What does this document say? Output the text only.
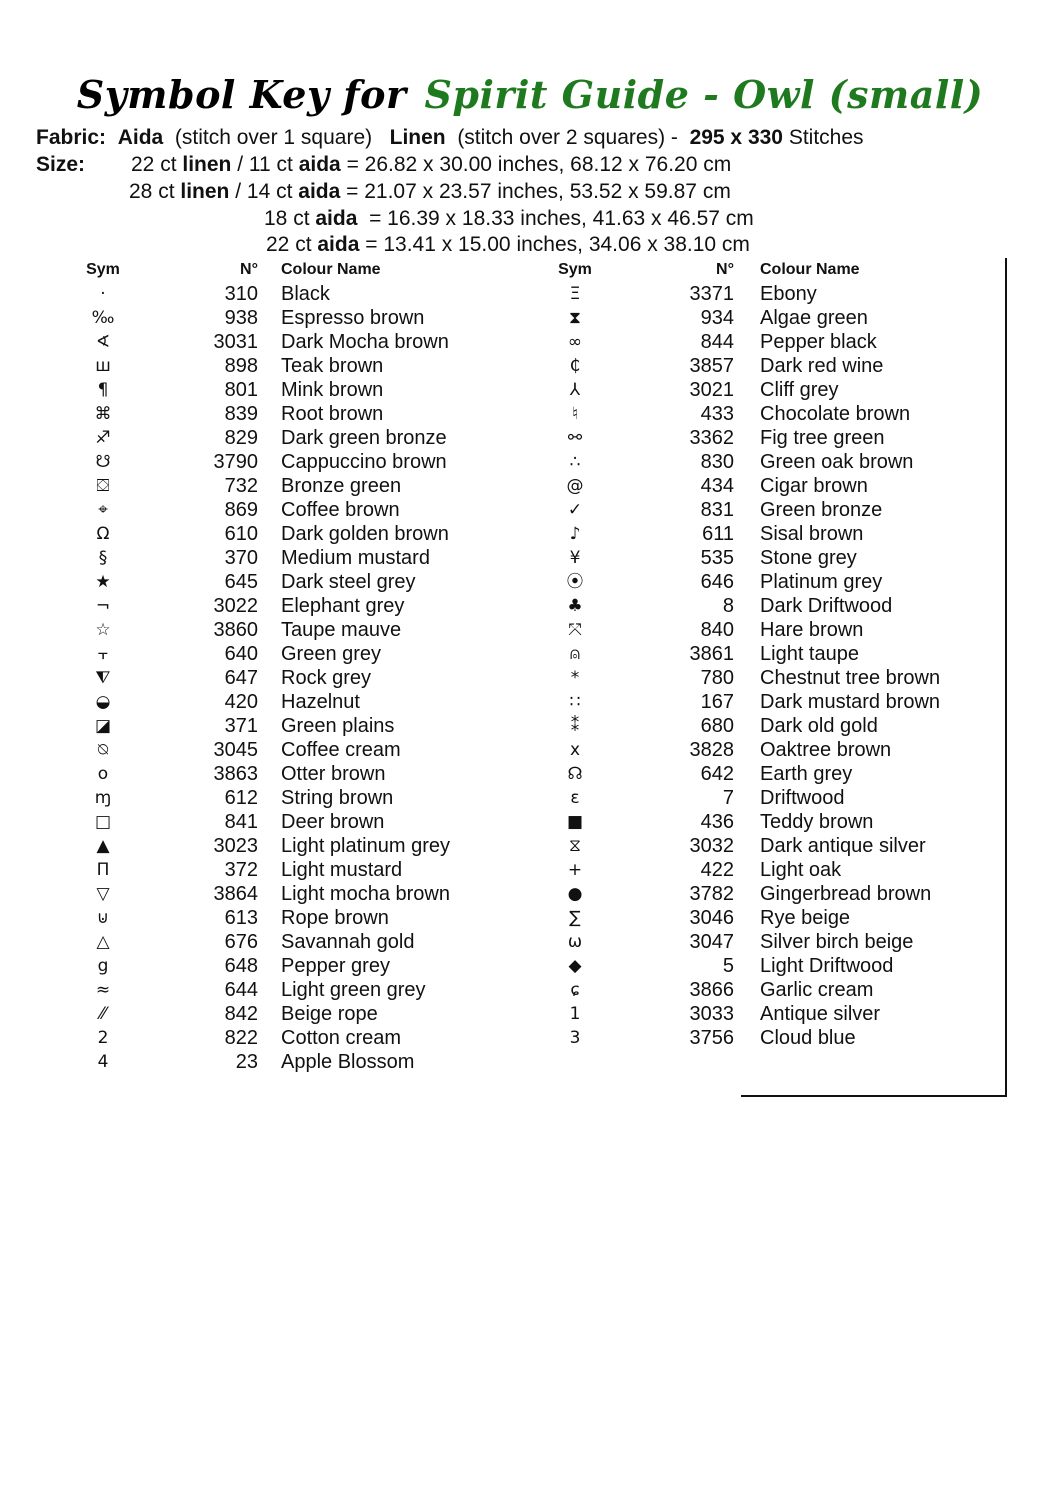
Symbol Key for Spirit Guide - Owl (small)
Fabric: Aida (stitch over 1 square) Linen (stitch over 2 squares) - 295 x 330 Stitches
Size: 22 ct linen / 11 ct aida = 26.82 x 30.00 inches, 68.12 x 76.20 cm
28 ct linen / 14 ct aida = 21.07 x 23.57 inches, 53.52 x 59.87 cm
18 ct aida  = 16.39 x 18.33 inches, 41.63 x 46.57 cm
22 ct aida = 13.41 x 15.00 inches, 34.06 x 38.10 cm
Sym	N° Colour Name
·	310 Black
‰	938 Espresso brown
∢	3031 Dark Mocha brown
ш	898 Teak brown
¶	801 Mink brown
⌘	839 Root brown
♐	829 Dark green bronze
☋	3790 Cappuccino brown
⛋	732 Bronze green
⌖	869 Coffee brown
Ω	610 Dark golden brown
§	370 Medium mustard
★	645 Dark steel grey
¬	3022 Elephant grey
☆	3860 Taupe mauve
⫟	640 Green grey
⧨	647 Rock grey
◒	420 Hazelnut
◪	371 Green plains
⍉	3045 Coffee cream
o	3863 Otter brown
ɱ	612 String brown
□	841 Deer brown
▲	3023 Light platinum grey
Π	372 Light mustard
▽	3864 Light mocha brown
⊍	613 Rope brown
△	676 Savannah gold
g	648 Pepper grey
≈	644 Light green grey
⁄⁄	842 Beige rope
2	822 Cotton cream
4	23 Apple Blossom
Sym	N° Colour Name
Ξ	3371 Ebony
⧗	934 Algae green
∞	844 Pepper black
₵	3857 Dark red wine
⅄	3021 Cliff grey
♮	433 Chocolate brown
⚯	3362 Fig tree green
∴	830 Green oak brown
@	434 Cigar brown
✓	831 Green bronze
♪	611 Sisal brown
¥	535 Stone grey
⦿	646 Platinum grey
♣	8 Dark Driftwood
⤧	840 Hare brown
⍝	3861 Light taupe
*	780 Chestnut tree brown
∷	167 Dark mustard brown
⁑	680 Dark old gold
x	3828 Oaktree brown
☊	642 Earth grey
ɛ	7 Driftwood
■	436 Teddy brown
⧖	3032 Dark antique silver
+	422 Light oak
●	3782 Gingerbread brown
∑	3046 Rye beige
ω	3047 Silver birch beige
◆	5 Light Driftwood
ɕ	3866 Garlic cream
1	3033 Antique silver
3	3756 Cloud blue
